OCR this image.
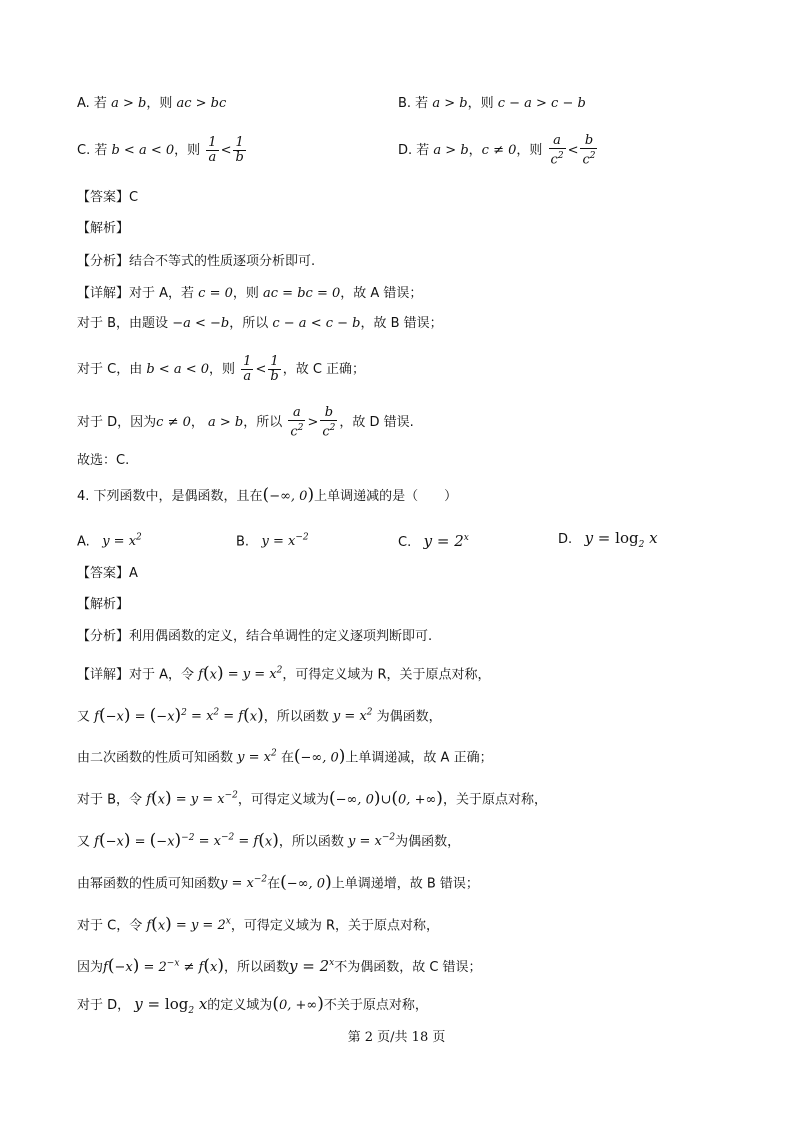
A. 若 a > b，则 ac > bc	B. 若 a > b，则 c − a > c − b
C. 若 b < a < 0，则 $\frac{1}{a} < \frac{1}{b}$	D. 若 a > b，c ≠ 0，则 $\frac{a}{c^2} < \frac{b}{c^2}$
【答案】C
【解析】
【分析】结合不等式的性质逐项分析即可.
【详解】对于 A，若 c = 0，则 ac = bc = 0，故 A 错误；
对于 B，由题设 −a < −b，所以 c − a < c − b，故 B 错误；
对于 C，由 b < a < 0，则 $\frac{1}{a} < \frac{1}{b}$ ，故 C 正确；
对于 D，因为c ≠ 0， a > b，所以 $\frac{a}{c^2} > \frac{b}{c^2}$ ，故 D 错误.
故选：C.
4. 下列函数中，是偶函数，且在(−∞, 0)上单调递减的是（　　）
A. $y = x^2$	B. $y = x^{-2}$	C. $y = 2^x$	D. $y = \log_2 x$
【答案】A
【解析】
【分析】利用偶函数的定义，结合单调性的定义逐项判断即可.
【详解】对于 A，令 $f(x) = y = x^2$，可得定义域为 R，关于原点对称，
又 $f(-x) = (-x)^2 = x^2 = f(x)$，所以函数 $y = x^2$ 为偶函数，
由二次函数的性质可知函数 $y = x^2$ 在(−∞, 0)上单调递减，故 A 正确；
对于 B，令 $f(x) = y = x^{-2}$，可得定义域为(−∞, 0)∪(0, +∞)，关于原点对称，
又 $f(-x) = (-x)^{-2} = x^{-2} = f(x)$，所以函数 $y = x^{-2}$为偶函数，
由幂函数的性质可知函数$y = x^{-2}$在(−∞, 0)上单调递增，故 B 错误；
对于 C，令 $f(x) = y = 2^x$，可得定义域为 R，关于原点对称，
因为$f(-x) = 2^{-x} \ne f(x)$，所以函数$y = 2^x$不为偶函数，故 C 错误；
对于 D， $y = \log_2 x$的定义域为(0, +∞)不关于原点对称，
第 2 页/共 18 页
